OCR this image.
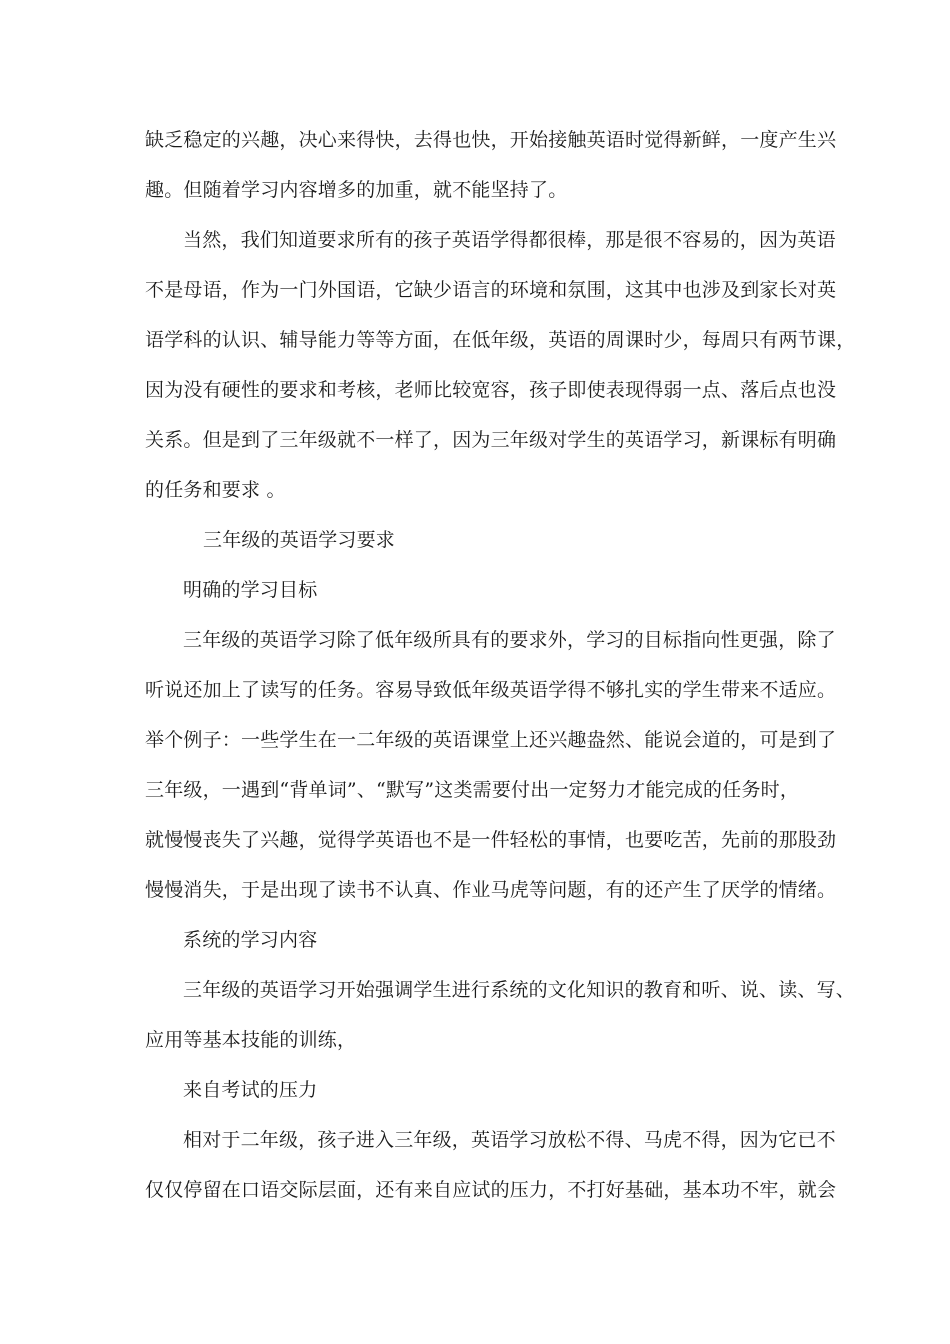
缺乏稳定的兴趣，决心来得快，去得也快，开始接触英语时觉得新鲜，一度产生兴
趣。但随着学习内容增多的加重，就不能坚持了。
当然，我们知道要求所有的孩子英语学得都很棒，那是很不容易的，因为英语
不是母语，作为一门外国语，它缺少语言的环境和氛围，这其中也涉及到家长对英
语学科的认识、辅导能力等等方面，在低年级，英语的周课时少，每周只有两节课，
因为没有硬性的要求和考核，老师比较宽容，孩子即使表现得弱一点、落后点也没
关系。但是到了三年级就不一样了，因为三年级对学生的英语学习，新课标有明确
的任务和要求 。
三年级的英语学习要求
明确的学习目标
三年级的英语学习除了低年级所具有的要求外，学习的目标指向性更强，除了
听说还加上了读写的任务。容易导致低年级英语学得不够扎实的学生带来不适应。
举个例子：一些学生在一二年级的英语课堂上还兴趣盎然、能说会道的，可是到了
三年级，一遇到“背单词”、“默写”这类需要付出一定努力才能完成的任务时，
就慢慢丧失了兴趣，觉得学英语也不是一件轻松的事情，也要吃苦，先前的那股劲
慢慢消失，于是出现了读书不认真、作业马虎等问题，有的还产生了厌学的情绪。
系统的学习内容
三年级的英语学习开始强调学生进行系统的文化知识的教育和听、说、读、写、
应用等基本技能的训练，
来自考试的压力
相对于二年级，孩子进入三年级，英语学习放松不得、马虎不得，因为它已不
仅仅停留在口语交际层面，还有来自应试的压力，不打好基础，基本功不牢，就会
